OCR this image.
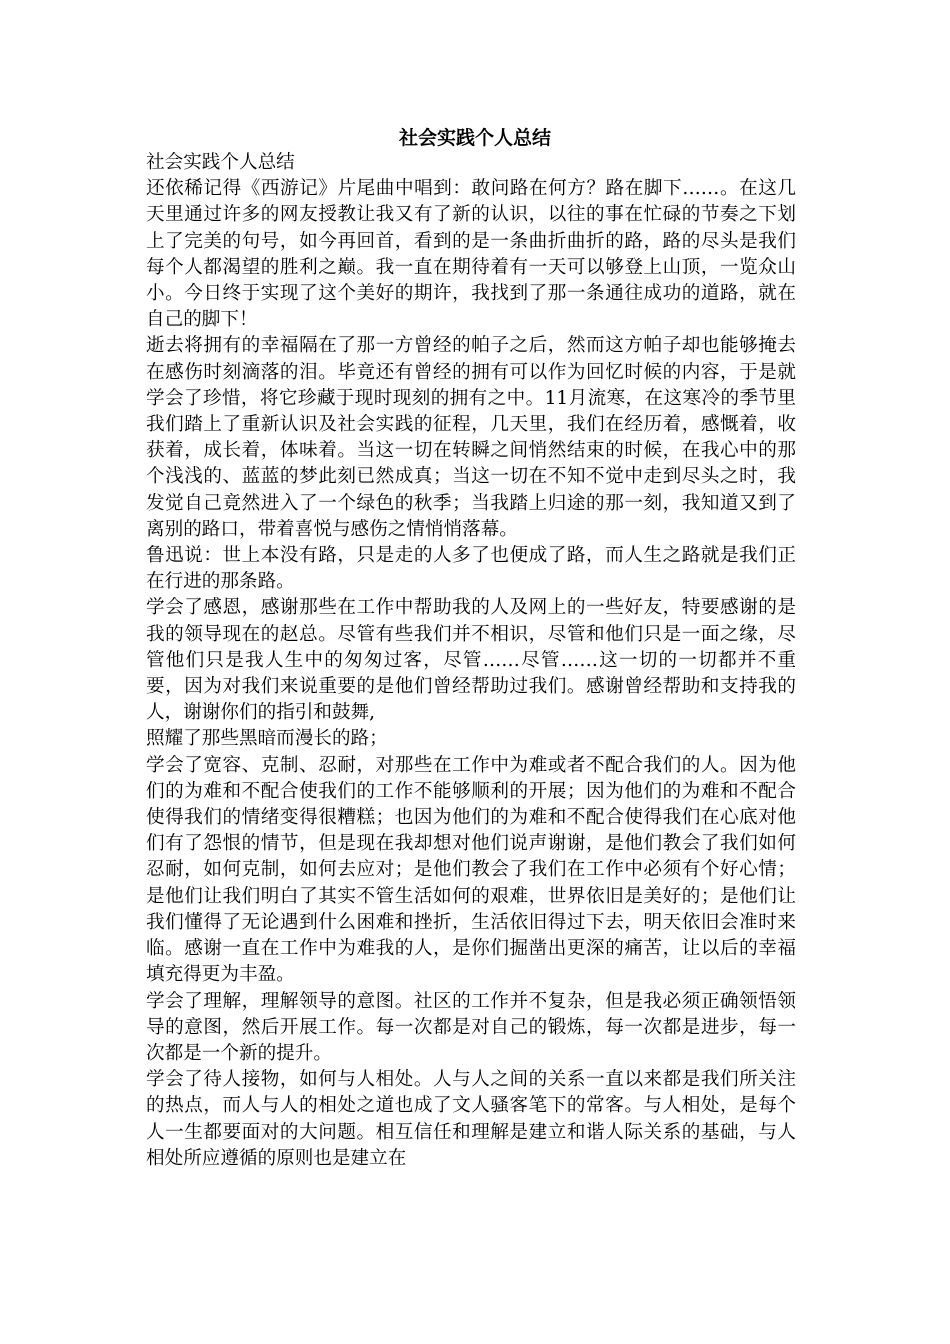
社会实践个人总结

社会实践个人总结

还依稀记得《西游记》片尾曲中唱到：敢问路在何方？路在脚下……。在这几天里通过许多的网友授教让我又有了新的认识，以往的事在忙碌的节奏之下划上了完美的句号，如今再回首，看到的是一条曲折曲折的路，路的尽头是我们每个人都渴望的胜利之巅。我一直在期待着有一天可以够登上山顶，一览众山小。今日终于实现了这个美好的期许，我找到了那一条通往成功的道路，就在自己的脚下！

逝去将拥有的幸福隔在了那一方曾经的帕子之后，然而这方帕子却也能够掩去在感伤时刻滴落的泪。毕竟还有曾经的拥有可以作为回忆时候的内容，于是就学会了珍惜，将它珍藏于现时现刻的拥有之中。11月流寒，在这寒冷的季节里我们踏上了重新认识及社会实践的征程，几天里，我们在经历着，感慨着，收获着，成长着，体味着。当这一切在转瞬之间悄然结束的时候，在我心中的那个浅浅的、蓝蓝的梦此刻已然成真；当这一切在不知不觉中走到尽头之时，我发觉自己竟然进入了一个绿色的秋季；当我踏上归途的那一刻，我知道又到了离别的路口，带着喜悦与感伤之情悄悄落幕。

鲁迅说：世上本没有路，只是走的人多了也便成了路，而人生之路就是我们正在行进的那条路。

学会了感恩，感谢那些在工作中帮助我的人及网上的一些好友，特要感谢的是我的领导现在的赵总。尽管有些我们并不相识，尽管和他们只是一面之缘，尽管他们只是我人生中的匆匆过客，尽管……尽管……这一切的一切都并不重要，因为对我们来说重要的是他们曾经帮助过我们。感谢曾经帮助和支持我的人，谢谢你们的指引和鼓舞,

照耀了那些黑暗而漫长的路；

学会了宽容、克制、忍耐，对那些在工作中为难或者不配合我们的人。因为他们的为难和不配合使我们的工作不能够顺利的开展；因为他们的为难和不配合使得我们的情绪变得很糟糕；也因为他们的为难和不配合使得我们在心底对他们有了怨恨的情节，但是现在我却想对他们说声谢谢，是他们教会了我们如何忍耐，如何克制，如何去应对；是他们教会了我们在工作中必须有个好心情；是他们让我们明白了其实不管生活如何的艰难，世界依旧是美好的；是他们让我们懂得了无论遇到什么困难和挫折，生活依旧得过下去，明天依旧会准时来临。感谢一直在工作中为难我的人，是你们掘凿出更深的痛苦，让以后的幸福填充得更为丰盈。

学会了理解，理解领导的意图。社区的工作并不复杂，但是我必须正确领悟领导的意图，然后开展工作。每一次都是对自己的锻炼，每一次都是进步，每一次都是一个新的提升。

学会了待人接物，如何与人相处。人与人之间的关系一直以来都是我们所关注的热点，而人与人的相处之道也成了文人骚客笔下的常客。与人相处，是每个人一生都要面对的大问题。相互信任和理解是建立和谐人际关系的基础，与人相处所应遵循的原则也是建立在
